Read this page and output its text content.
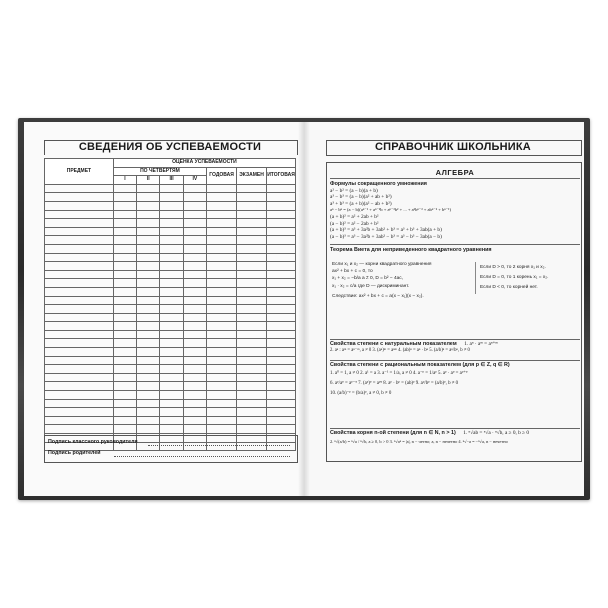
СВЕДЕНИЯ ОБ УСПЕВАЕМОСТИ
ПРЕДМЕТ	ОЦЕНКА УСПЕВАЕМОСТИ						
	ПО ЧЕТВЕРТЯМ				ГОДОВАЯ	ЭКЗАМЕН	ИТОГОВАЯ
	I	II	III	IV			

Подпись классного руководителя
Подпись родителей
СПРАВОЧНИК ШКОЛЬНИКА
АЛГЕБРА
Формулы сокращенного умножения
a² − b² = (a − b)(a + b)
a³ − b³ = (a − b)(a² + ab + b²)
a³ + b³ = (a + b)(a² − ab + b²)
aⁿ − bⁿ = (a − b)(aⁿ⁻¹ + aⁿ⁻²b + aⁿ⁻³b² + ... + a²bⁿ⁻³ + abⁿ⁻² + bⁿ⁻¹)
(a + b)² = a² + 2ab + b²
(a − b)² = a² − 2ab + b²
(a + b)³ = a³ + 3a²b + 3ab² + b³ = a³ + b³ + 3ab(a + b)
(a − b)³ = a³ − 3a²b + 3ab² − b³ = a³ − b³ − 3ab(a − b)
Теорема Виета для неприведенного квадратного уравнения
Если x₁ и x₂ — корни квадратного уравнения
ax² + bx + c = 0, то
x₁ + x₂ = −b/a a ≠ 0, D = b² − 4ac,
x₁ · x₂ = c/a где D — дискриминант.
Следствие: ax² + bx + c = a(x − x₁)(x − x₂).
Если D > 0, то 2 корня x₁ и x₂.
Если D = 0, то 1 корень x₁ = x₂.
Если D < 0, то корней нет.
Свойства степени с натуральным показателем 1. aⁿ · aᵐ = aⁿ⁺ᵐ
2. aⁿ : aᵐ = aⁿ⁻ᵐ, a ≠ 0 3. (aⁿ)ᵐ = aⁿᵐ 4. (ab)ⁿ = aⁿ · bⁿ 5. (a/b)ⁿ = aⁿ/bⁿ, b ≠ 0
Свойства степени с рациональным показателем (для p ∈ Z, q ∈ R)
1. a⁰ = 1, a ≠ 0 2. a¹ = a 3. a⁻¹ = 1/a, a ≠ 0 4. a⁻ᵖ = 1/aᵖ 5. aᵖ · aᵠ = aᵖ⁺ᵠ
6. aᵖ/aᵠ = aᵖ⁻ᵠ 7. (aᵖ)ᵠ = aᵖᵠ 8. aᵖ · bᵖ = (ab)ᵖ 9. aᵖ/bᵖ = (a/b)ᵖ, b ≠ 0
10. (a/b)⁻ᵖ = (b/a)ᵖ, a ≠ 0, b ≠ 0
Свойства корня n-ой степени (для n ∈ N, n > 1) 1. ⁿ√ab = ⁿ√a · ⁿ√b, a ≥ 0, b ≥ 0
2. ⁿ√(a/b) = ⁿ√a / ⁿ√b, a ≥ 0, b > 0 3. ⁿ√aⁿ = |a|, n − четно; a, n − нечетно 4. ⁿ√−a = −ⁿ√a, n − нечетно
